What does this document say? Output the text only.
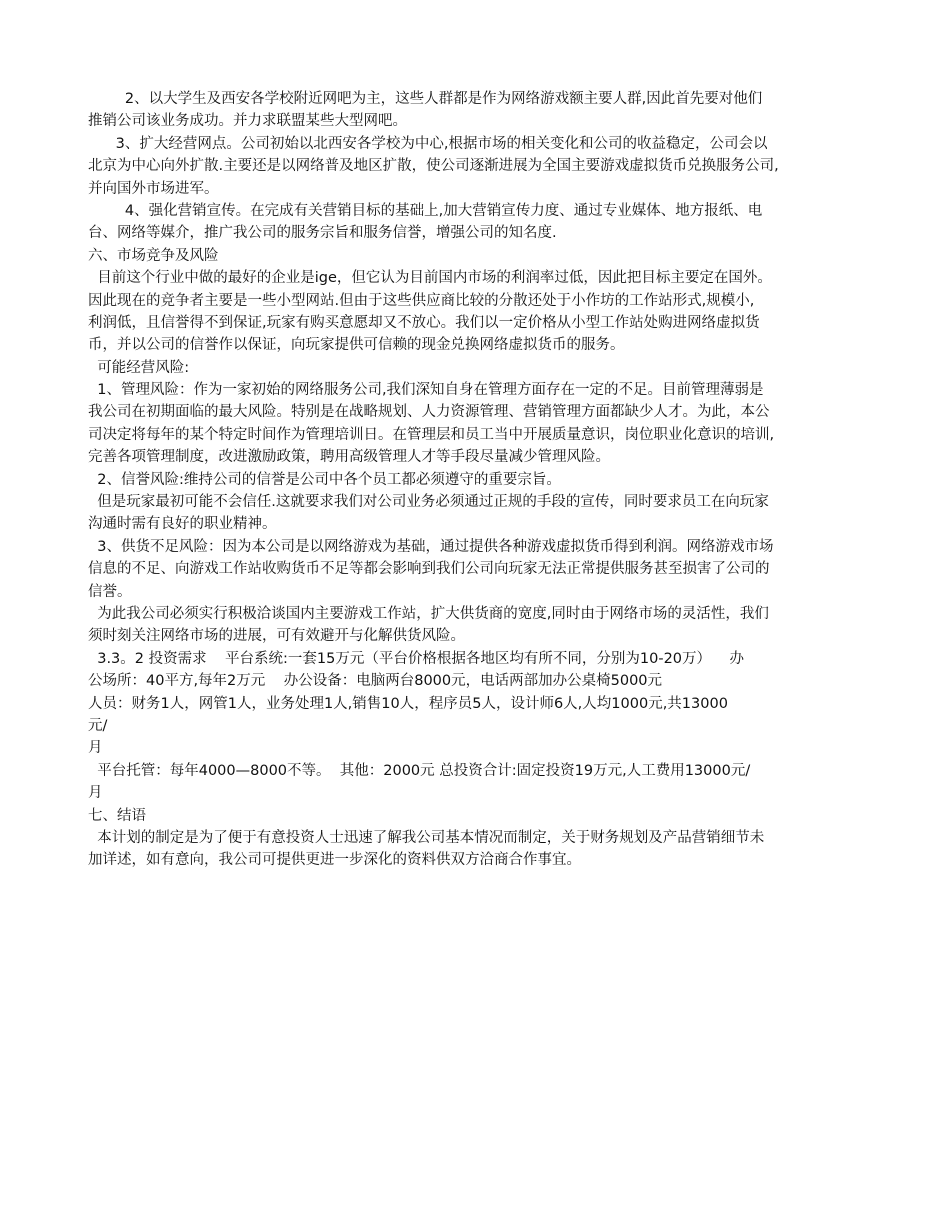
2、以大学生及西安各学校附近网吧为主，这些人群都是作为网络游戏额主要人群,因此首先要对他们
推销公司该业务成功。并力求联盟某些大型网吧。
3、扩大经营网点。公司初始以北西安各学校为中心,根据市场的相关变化和公司的收益稳定，公司会以
北京为中心向外扩散.主要还是以网络普及地区扩散，使公司逐渐进展为全国主要游戏虚拟货币兑换服务公司,
并向国外市场进军。
4、强化营销宣传。在完成有关营销目标的基础上,加大营销宣传力度、通过专业媒体、地方报纸、电
台、网络等媒介，推广我公司的服务宗旨和服务信誉，增强公司的知名度.
六、市场竞争及风险
目前这个行业中做的最好的企业是ige，但它认为目前国内市场的利润率过低，因此把目标主要定在国外。
因此现在的竞争者主要是一些小型网站.但由于这些供应商比较的分散还处于小作坊的工作站形式,规模小,
利润低，且信誉得不到保证,玩家有购买意愿却又不放心。我们以一定价格从小型工作站处购进网络虚拟货
币，并以公司的信誉作以保证，向玩家提供可信赖的现金兑换网络虚拟货币的服务。
可能经营风险:
1、管理风险：作为一家初始的网络服务公司,我们深知自身在管理方面存在一定的不足。目前管理薄弱是
我公司在初期面临的最大风险。特别是在战略规划、人力资源管理、营销管理方面都缺少人才。为此，本公
司决定将每年的某个特定时间作为管理培训日。在管理层和员工当中开展质量意识，岗位职业化意识的培训,
完善各项管理制度，改进激励政策，聘用高级管理人才等手段尽量减少管理风险。
2、信誉风险:维持公司的信誉是公司中各个员工都必须遵守的重要宗旨。
但是玩家最初可能不会信任.这就要求我们对公司业务必须通过正规的手段的宣传，同时要求员工在向玩家
沟通时需有良好的职业精神。
3、供货不足风险：因为本公司是以网络游戏为基础，通过提供各种游戏虚拟货币得到利润。网络游戏市场
信息的不足、向游戏工作站收购货币不足等都会影响到我们公司向玩家无法正常提供服务甚至损害了公司的
信誉。
为此我公司必须实行积极洽谈国内主要游戏工作站，扩大供货商的宽度,同时由于网络市场的灵活性，我们
须时刻关注网络市场的进展，可有效避开与化解供货风险。
3.3。2 投资需求    平台系统:一套15万元（平台价格根据各地区均有所不同，分别为10-20万）    办
公场所：40平方,每年2万元    办公设备：电脑两台8000元，电话两部加办公桌椅5000元
人员：财务1人，网管1人，业务处理1人,销售10人，程序员5人，设计师6人,人均1000元,共13000
元/
月
平台托管：每年4000—8000不等。  其他：2000元 总投资合计:固定投资19万元,人工费用13000元/
月
七、结语
本计划的制定是为了便于有意投资人士迅速了解我公司基本情况而制定，关于财务规划及产品营销细节未
加详述，如有意向，我公司可提供更进一步深化的资料供双方洽商合作事宜。
